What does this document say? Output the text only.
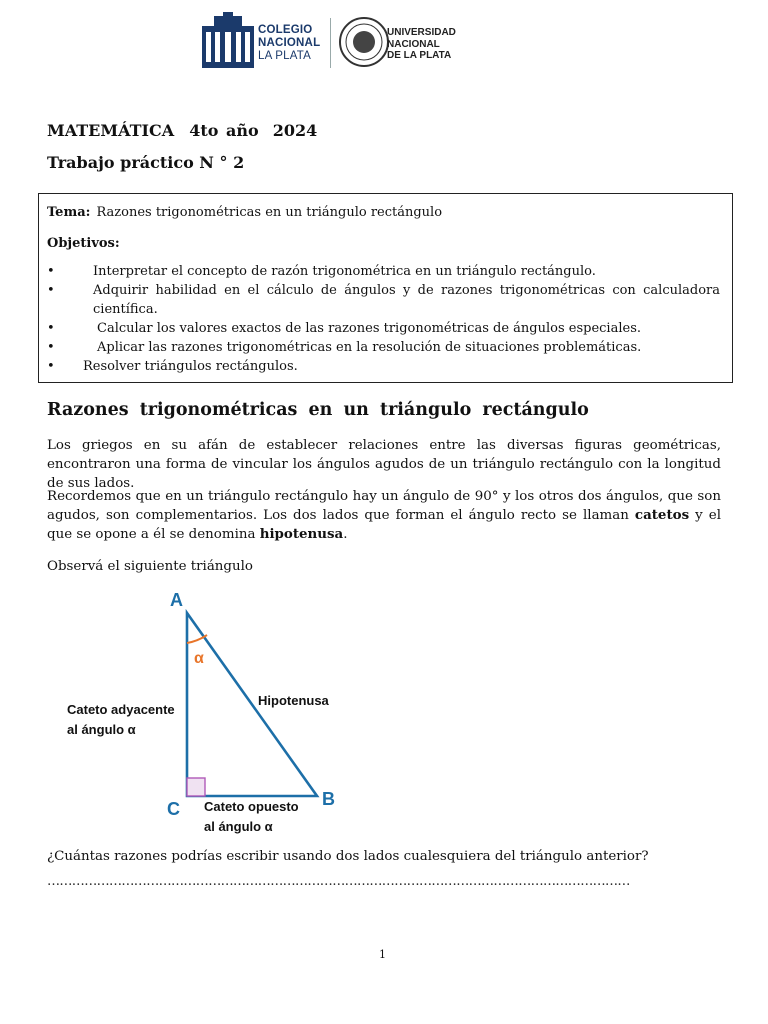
COLEGIO
NACIONAL
LA PLATA
UNIVERSIDAD
NACIONAL
DE LA PLATA
MATEMÁTICA  4to año 2024
Trabajo práctico N ° 2
Tema: Razones trigonométricas en un triángulo rectángulo
Objetivos:
•	Interpretar el concepto de razón trigonométrica en un triángulo rectángulo.
•	Adquirir habilidad en el cálculo de ángulos y de razones trigonométricas con calculadora científica.
•	Calcular los valores exactos de las razones trigonométricas de ángulos especiales.
•	Aplicar las razones trigonométricas en la resolución de situaciones problemáticas.
• Resolver triángulos rectángulos.
Razones trigonométricas en un triángulo rectángulo
Los griegos en su afán de establecer relaciones entre las diversas figuras geométricas, encontraron una forma de vincular los ángulos agudos de un triángulo rectángulo con la longitud de sus lados.
Recordemos que en un triángulo rectángulo hay un ángulo de 90° y los otros dos ángulos, que son agudos, son complementarios. Los dos lados que forman el ángulo recto se llaman catetos y el que se opone a él se denomina hipotenusa.
Observá el siguiente triángulo
A
B
C
α
Hipotenusa
Cateto adyacente
al ángulo α
Cateto opuesto
al ángulo α
¿Cuántas razones podrías escribir usando dos lados cualesquiera del triángulo anterior?
……………………………………………………………………………………………………………………………
1
